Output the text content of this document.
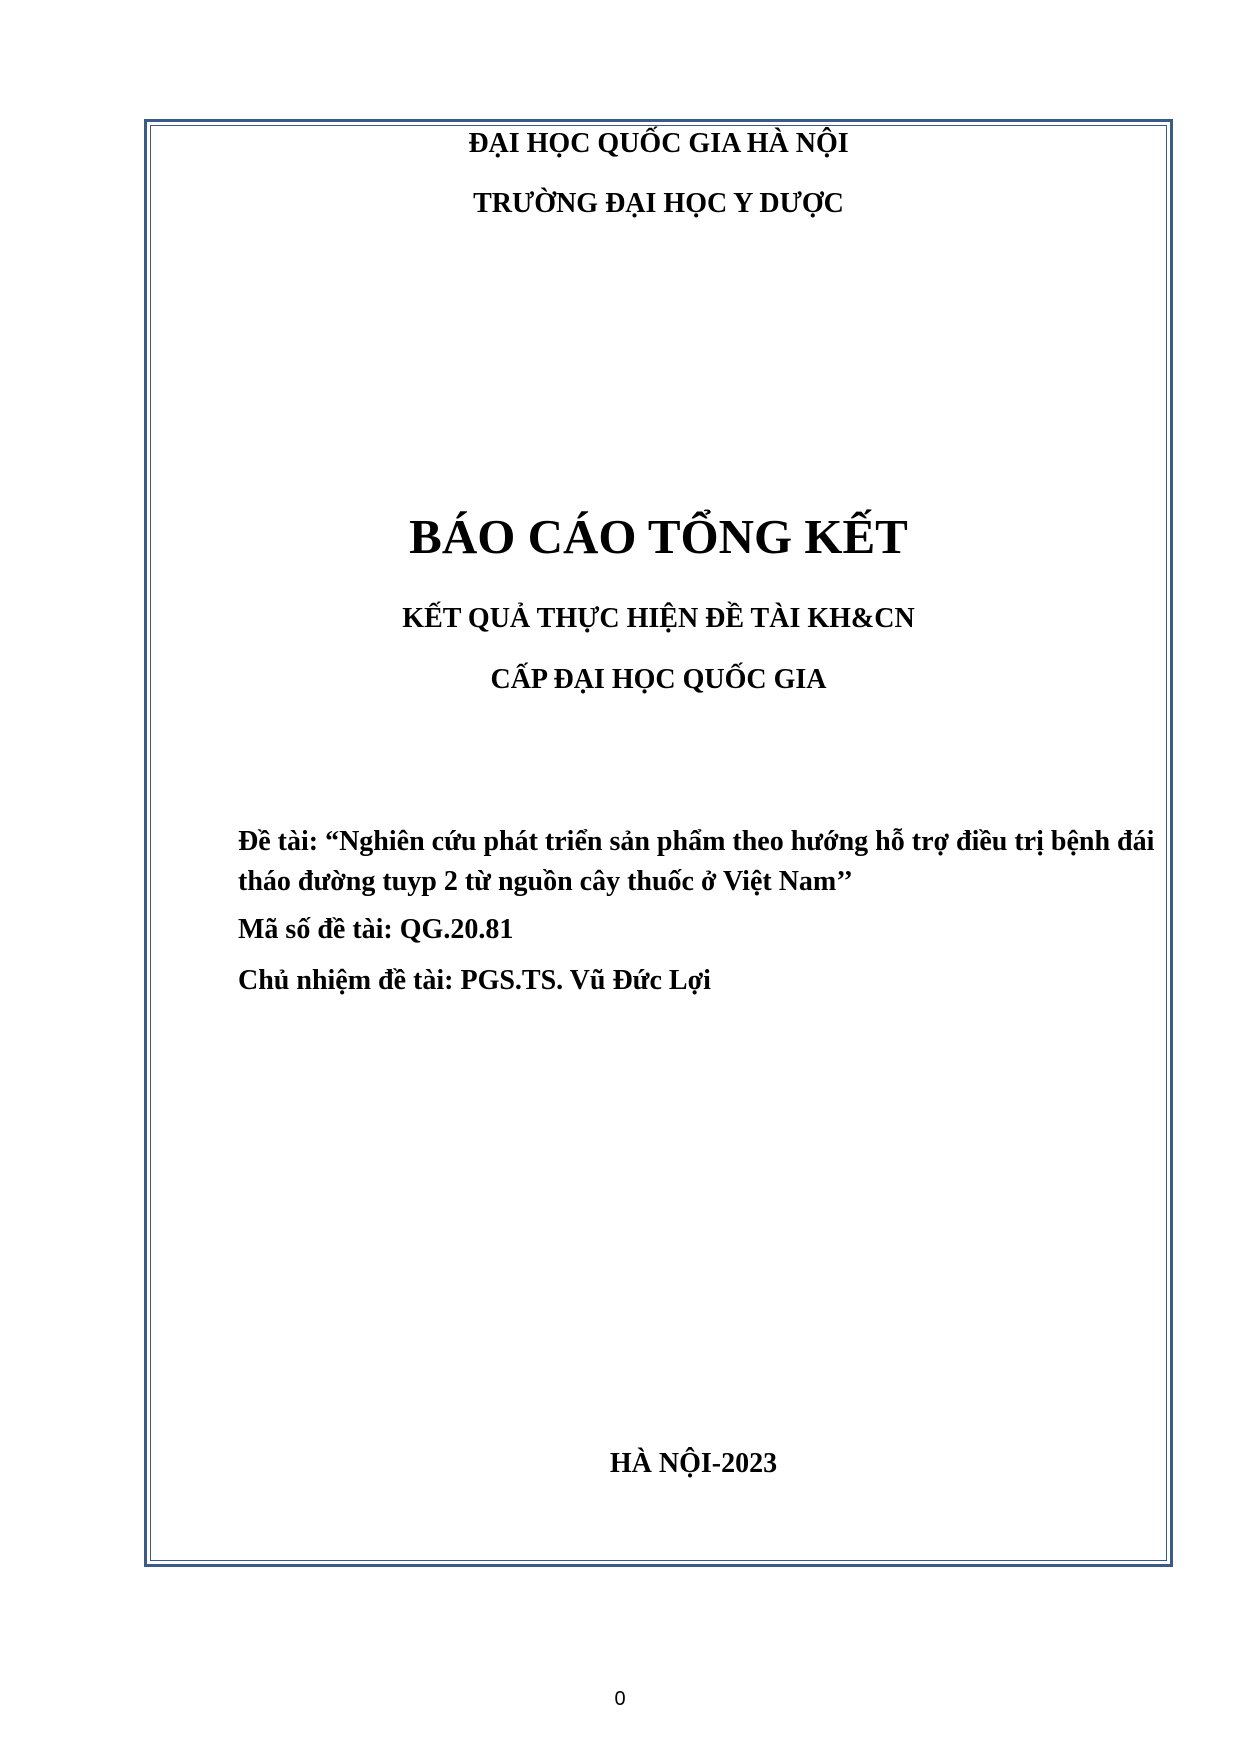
ĐẠI HỌC QUỐC GIA HÀ NỘI
TRƯỜNG ĐẠI HỌC Y DƯỢC
BÁO CÁO TỔNG KẾT
KẾT QUẢ THỰC HIỆN ĐỀ TÀI KH&CN
CẤP ĐẠI HỌC QUỐC GIA
Đề tài: “Nghiên cứu phát triển sản phẩm theo hướng hỗ trợ điều trị bệnh đái tháo đường tuyp 2 từ nguồn cây thuốc ở Việt Nam’’
Mã số đề tài: QG.20.81
Chủ nhiệm đề tài: PGS.TS. Vũ Đức Lợi
HÀ NỘI-2023
0
